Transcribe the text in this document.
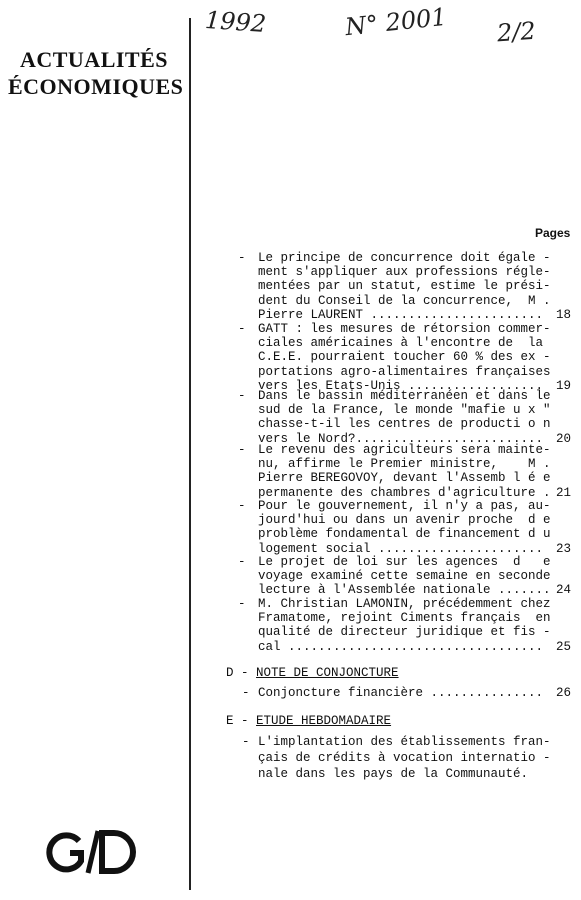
ACTUALITÉS
ÉCONOMIQUES
1992	N° 2001 2/2
Pages
- Le principe de concurrence doit égale -
ment s'appliquer aux professions régle-
mentées par un statut, estime le prési-
dent du Conseil de la concurrence,  M .
Pierre LAURENT ....................... 18
- GATT : les mesures de rétorsion commer-
ciales américaines à l'encontre de  la
C.E.E. pourraient toucher 60 % des ex -
portations agro-alimentaires françaises
vers les Etats-Unis .................. 19
- Dans le bassin méditerranéen et dans le
sud de la France, le monde "mafie u x "
chasse-t-il les centres de producti o n
vers le Nord?......................... 20
- Le revenu des agriculteurs sera mainte-
nu, affirme le Premier ministre,    M .
Pierre BEREGOVOY, devant l'Assemb l é e
permanente des chambres d'agriculture . 21
- Pour le gouvernement, il n'y a pas, au-
jourd'hui ou dans un avenir proche  d e
problème fondamental de financement d u
logement social ...................... 23
- Le projet de loi sur les agences  d   e
voyage examiné cette semaine en seconde
lecture à l'Assemblée nationale ....... 24
- M. Christian LAMONIN, précédemment chez
Framatome, rejoint Ciments français  en
qualité de directeur juridique et fis -
cal .................................. 25
D - NOTE DE CONJONCTURE
- Conjoncture financière ............... 26
E - ETUDE HEBDOMADAIRE
- L'implantation des établissements fran-
çais de crédits à vocation internatio -
nale dans les pays de la Communauté.
